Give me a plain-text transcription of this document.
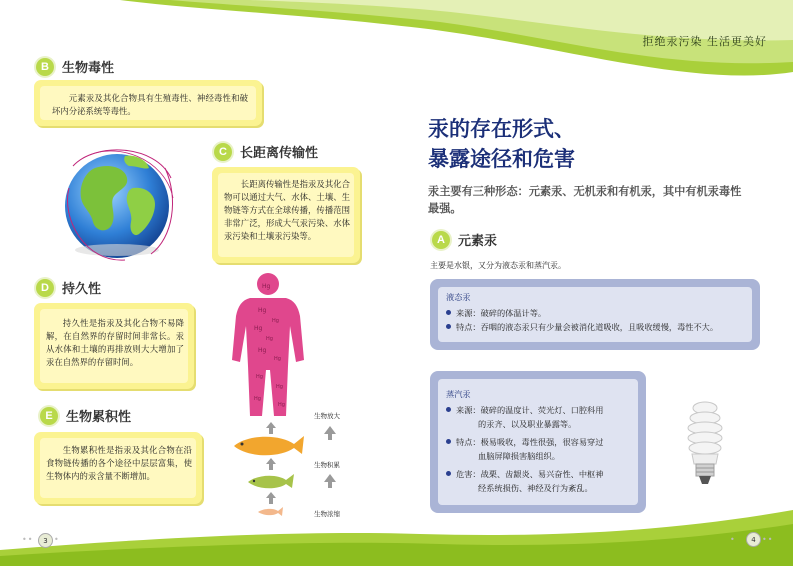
拒绝汞污染 生活更美好
B	生物毒性

元素汞及其化合物具有生殖毒性、神经毒性和破坏内分泌系统等毒性。

C	长距离传输性

长距离传输性是指汞及其化合物可以通过大气、水体、土壤、生物链等方式在全球传播，传播范围非常广泛，形成大气汞污染、水体汞污染和土壤汞污染等。

D	持久性

持久性是指汞及其化合物不易降解，在自然界的存留时间非常长。汞从水体和土壤的再排放则大大增加了汞在自然界的存留时间。

E	生物累积性

生物累积性是指汞及其化合物在沿食物链传播的各个途径中层层富集，使生物体内的汞含量不断增加。

Hg
Hg
Hg
Hg
Hg
Hg
Hg
Hg
Hg
Hg
Hg
生物放大
生物积累
生物浓缩
••	3 •
汞的存在形式、
暴露途径和危害
汞主要有三种形态：元素汞、无机汞和有机汞，其中有机汞毒性最强。
A	元素汞
主要是水银，又分为液态汞和蒸汽汞。
液态汞
来源：破碎的体温计等。
特点：吞咽的液态汞只有少量会被消化道吸收，且吸收缓慢，毒性不大。
蒸汽汞
来源：破碎的温度计、荧光灯、口腔科用
的汞齐、以及职业暴露等。
特点：极易吸收，毒性很强，很容易穿过
血脑屏障损害脑组织。
危害：战栗、齿龈炎、易兴奋性、中枢神
经系统损伤、神经及行为紊乱。
•	4 ••
